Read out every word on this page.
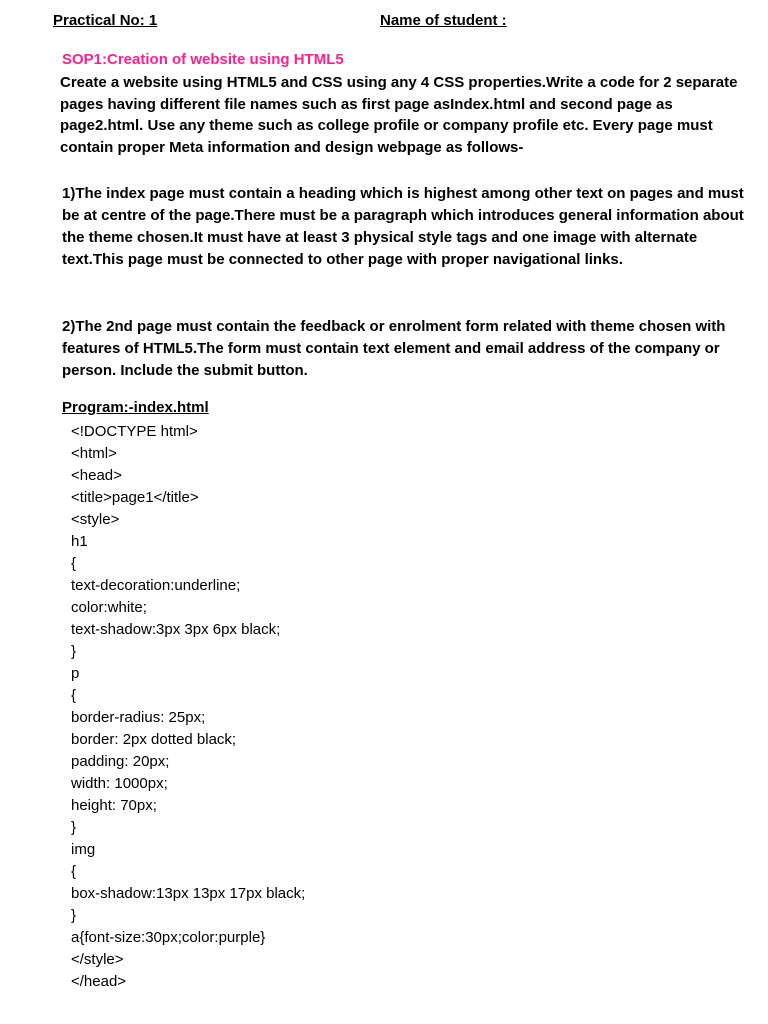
Practical No: 1	Name of student :
SOP1:Creation of website using HTML5
Create a website using HTML5 and CSS using any 4 CSS properties.Write a code for 2 separate pages having different file names such as first page asIndex.html and second page as page2.html. Use any theme such as college profile or company profile etc. Every page must contain proper Meta information and design webpage as follows-
1)The index page must contain a heading which is highest among other text on pages and must be at centre of the page.There must be a paragraph which introduces general information about the theme chosen.It must have at least 3 physical style tags and one image with alternate text.This page must be connected to other page with proper navigational links.
2)The 2nd page must contain the feedback or enrolment form related with theme chosen with features of HTML5.The form must contain text element and email address of the company or person. Include the submit button.
Program:-index.html
<!DOCTYPE html>
<html>
<head>
<title>page1</title>
<style>
h1
{
text-decoration:underline;
color:white;
text-shadow:3px 3px 6px black;
}
p
{
border-radius: 25px;
border: 2px dotted black;
padding: 20px;
width: 1000px;
height: 70px;
}
img
{
box-shadow:13px 13px 17px black;
}
a{font-size:30px;color:purple}
</style>
</head>
